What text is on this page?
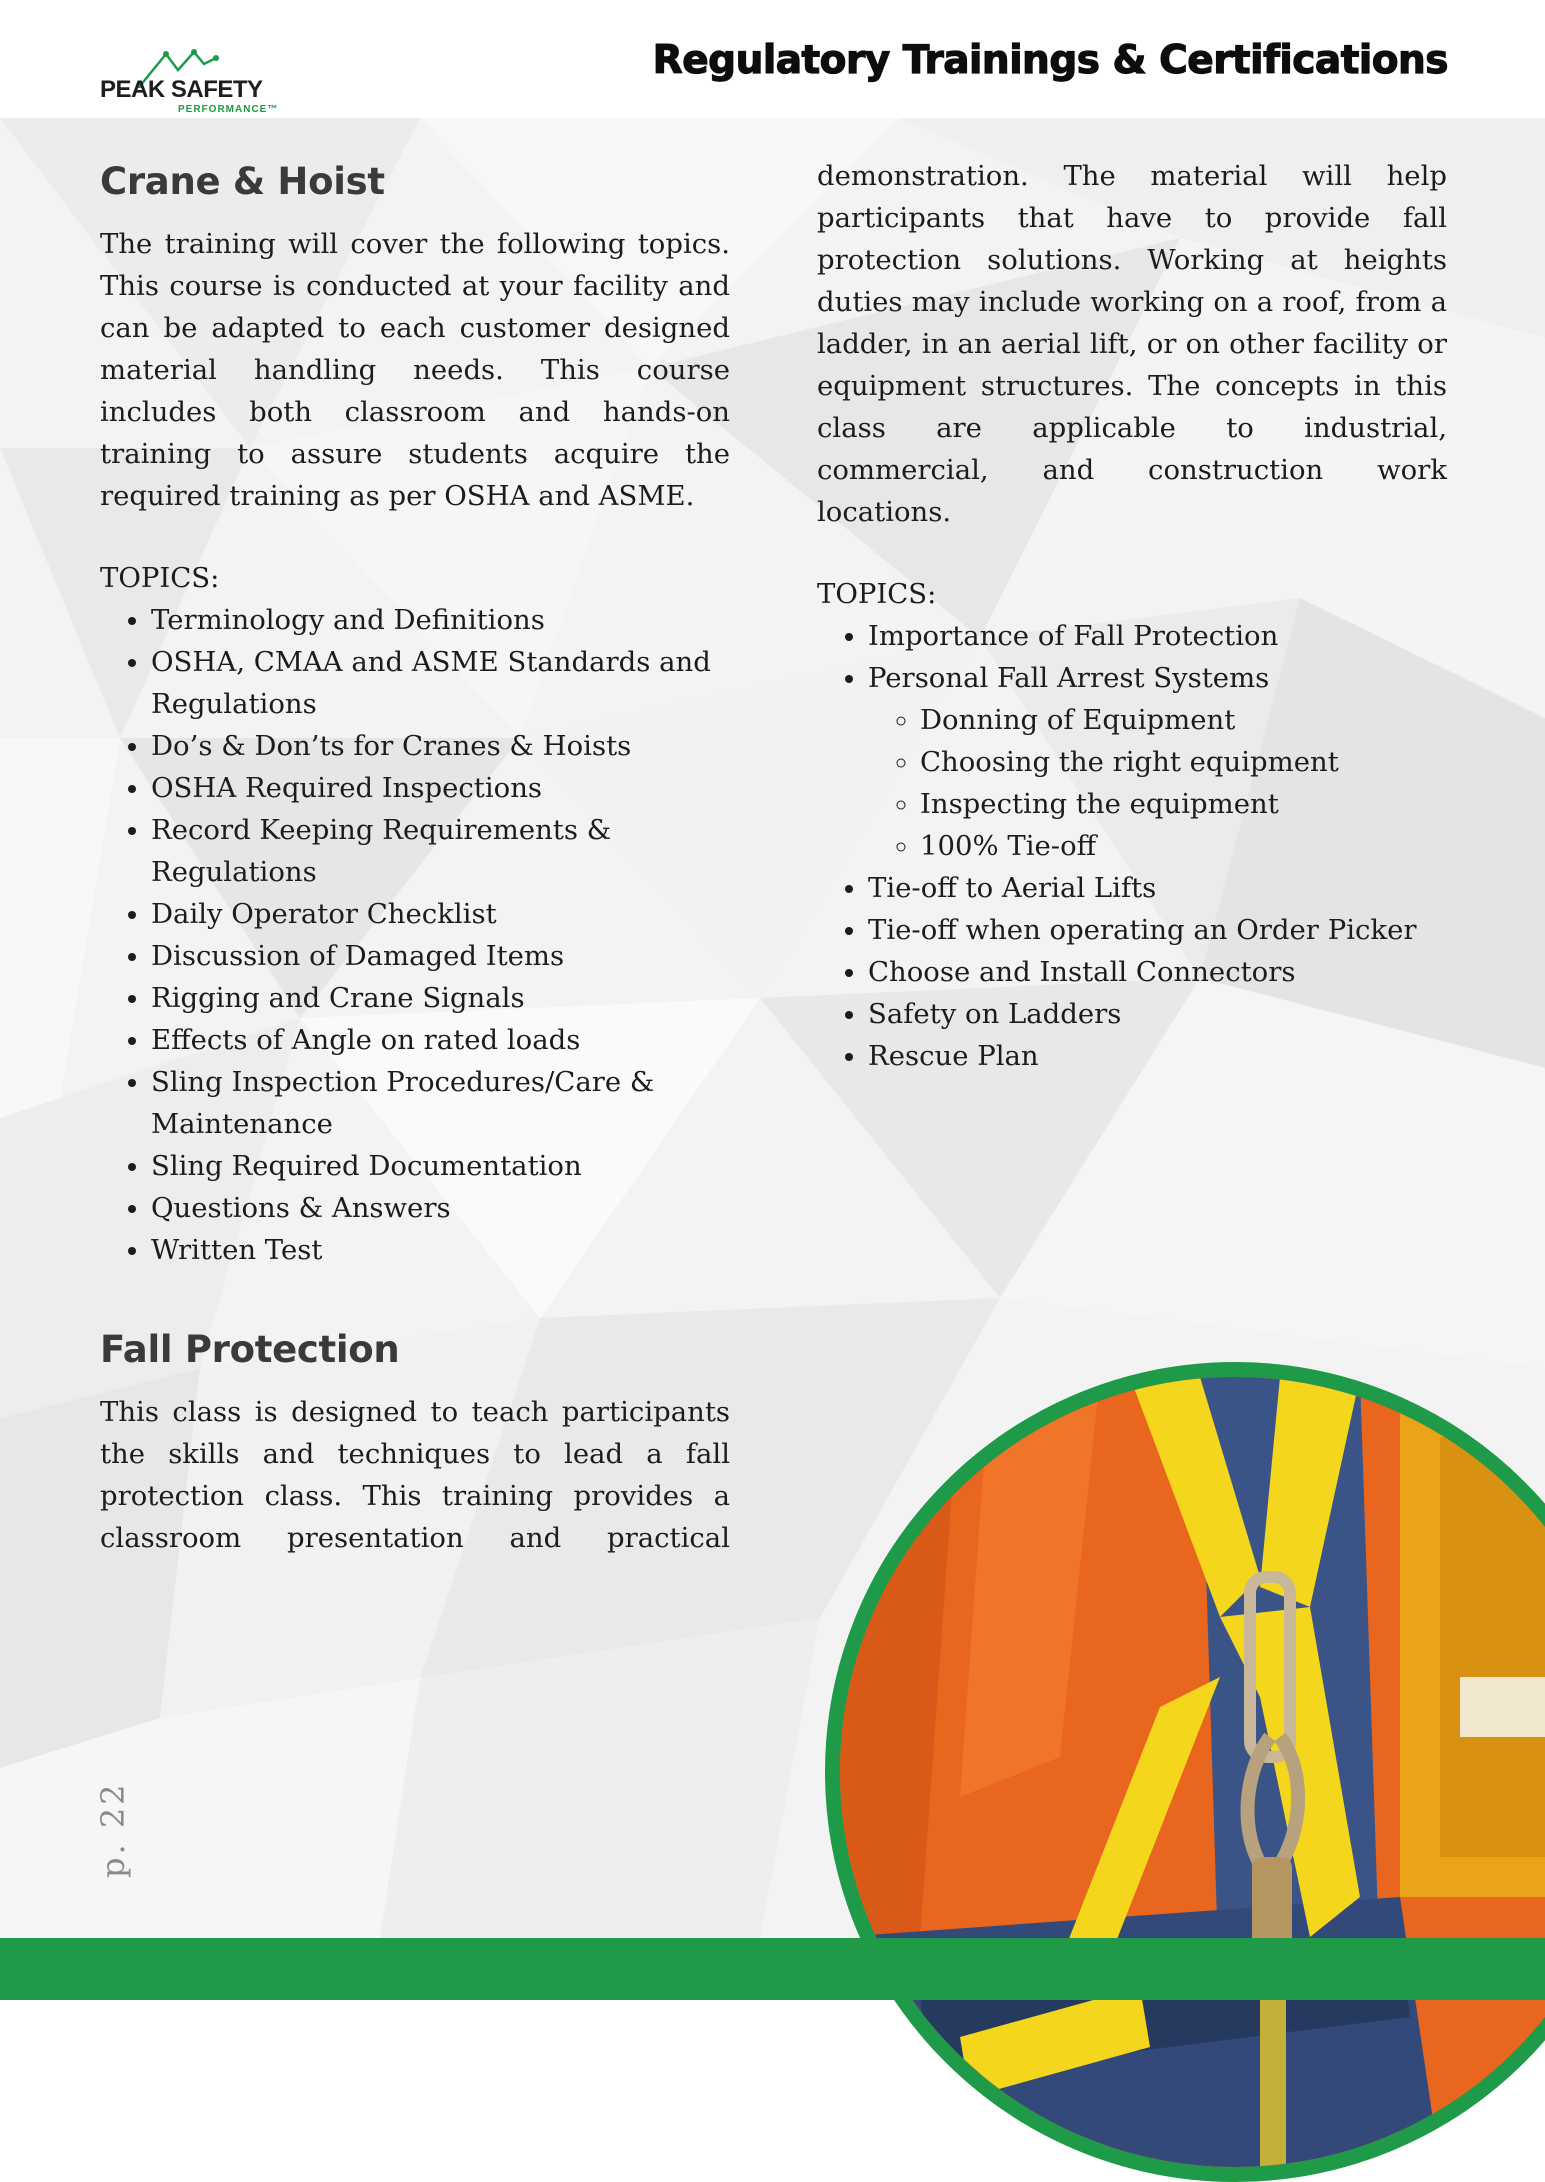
PEAK SAFETY
PERFORMANCE™
Regulatory Trainings & Certifications
Crane & Hoist

The training will cover the following topics. This course is conducted at your facility and can be adapted to each customer designed material handling needs. This course includes both classroom and hands-on training to assure students acquire the required training as per OSHA and ASME.

TOPICS:
• Terminology and Definitions
• OSHA, CMAA and ASME Standards and Regulations
• Do’s & Don’ts for Cranes & Hoists
• OSHA Required Inspections
• Record Keeping Requirements & Regulations
• Daily Operator Checklist
• Discussion of Damaged Items
• Rigging and Crane Signals
• Effects of Angle on rated loads
• Sling Inspection Procedures/Care & Maintenance
• Sling Required Documentation
• Questions & Answers
• Written Test
Fall Protection

This class is designed to teach participants the skills and techniques to lead a fall protection class. This training provides a classroom presentation and practical

demonstration. The material will help participants that have to provide fall protection solutions. Working at heights duties may include working on a roof, from a ladder, in an aerial lift, or on other facility or equipment structures. The concepts in this class are applicable to industrial, commercial, and construction work locations.

TOPICS:
• Importance of Fall Protection
• Personal Fall Arrest Systems
◦ Donning of Equipment
◦ Choosing the right equipment
◦ Inspecting the equipment
◦ 100% Tie-off
• Tie-off to Aerial Lifts
• Tie-off when operating an Order Picker
• Choose and Install Connectors
• Safety on Ladders
• Rescue Plan
p. 22
